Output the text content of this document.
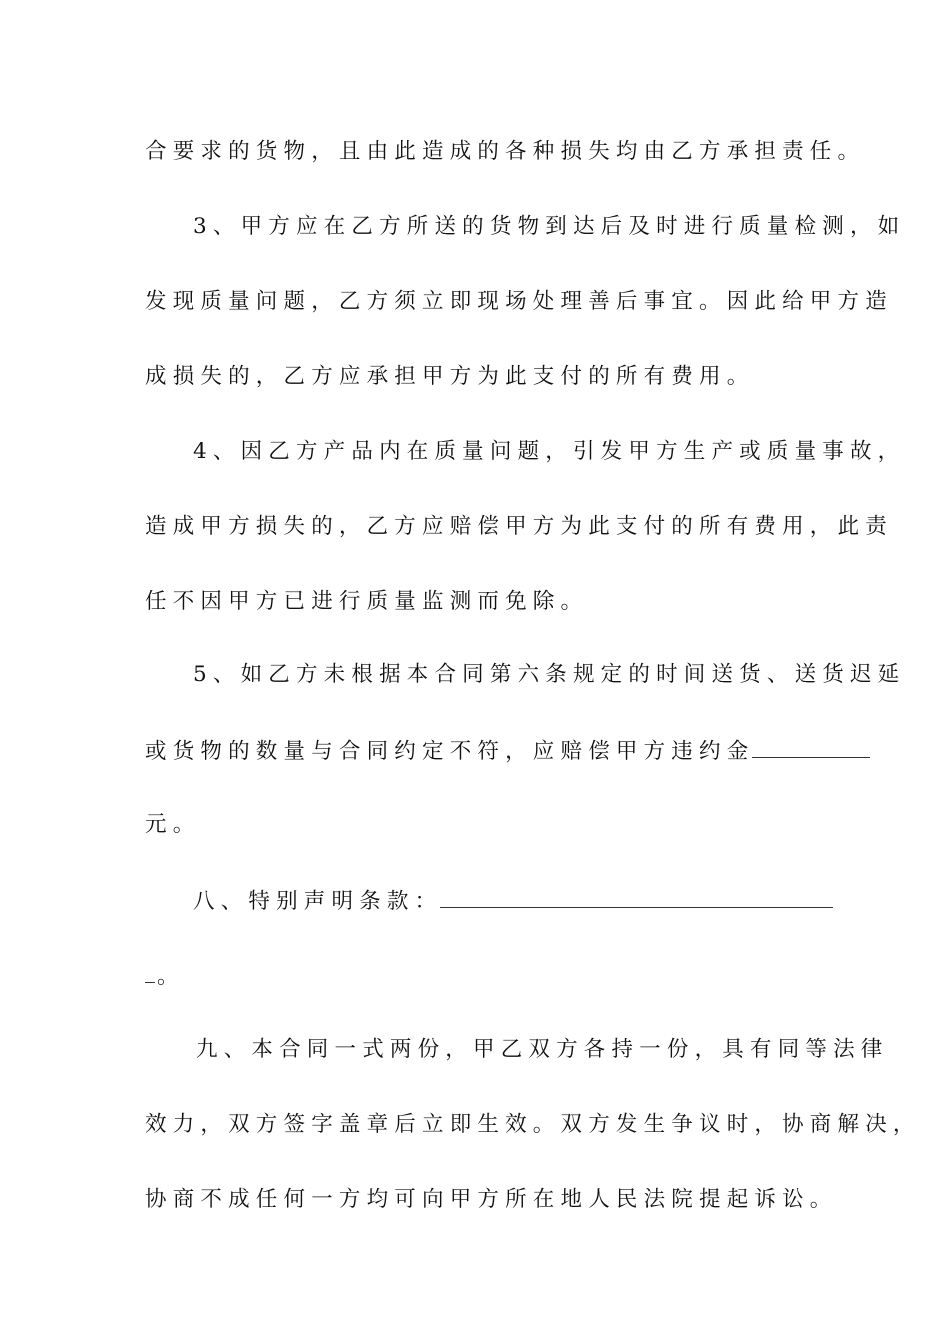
合要求的货物，且由此造成的各种损失均由乙方承担责任。
3、甲方应在乙方所送的货物到达后及时进行质量检测，如
发现质量问题，乙方须立即现场处理善后事宜。因此给甲方造
成损失的，乙方应承担甲方为此支付的所有费用。
4、因乙方产品内在质量问题，引发甲方生产或质量事故，
造成甲方损失的，乙方应赔偿甲方为此支付的所有费用，此责
任不因甲方已进行质量监测而免除。
5、如乙方未根据本合同第六条规定的时间送货、送货迟延
或货物的数量与合同约定不符，应赔偿甲方违约金
元。
八、特别声明条款：
。
九、本合同一式两份，甲乙双方各持一份，具有同等法律
效力，双方签字盖章后立即生效。双方发生争议时，协商解决，
协商不成任何一方均可向甲方所在地人民法院提起诉讼。
